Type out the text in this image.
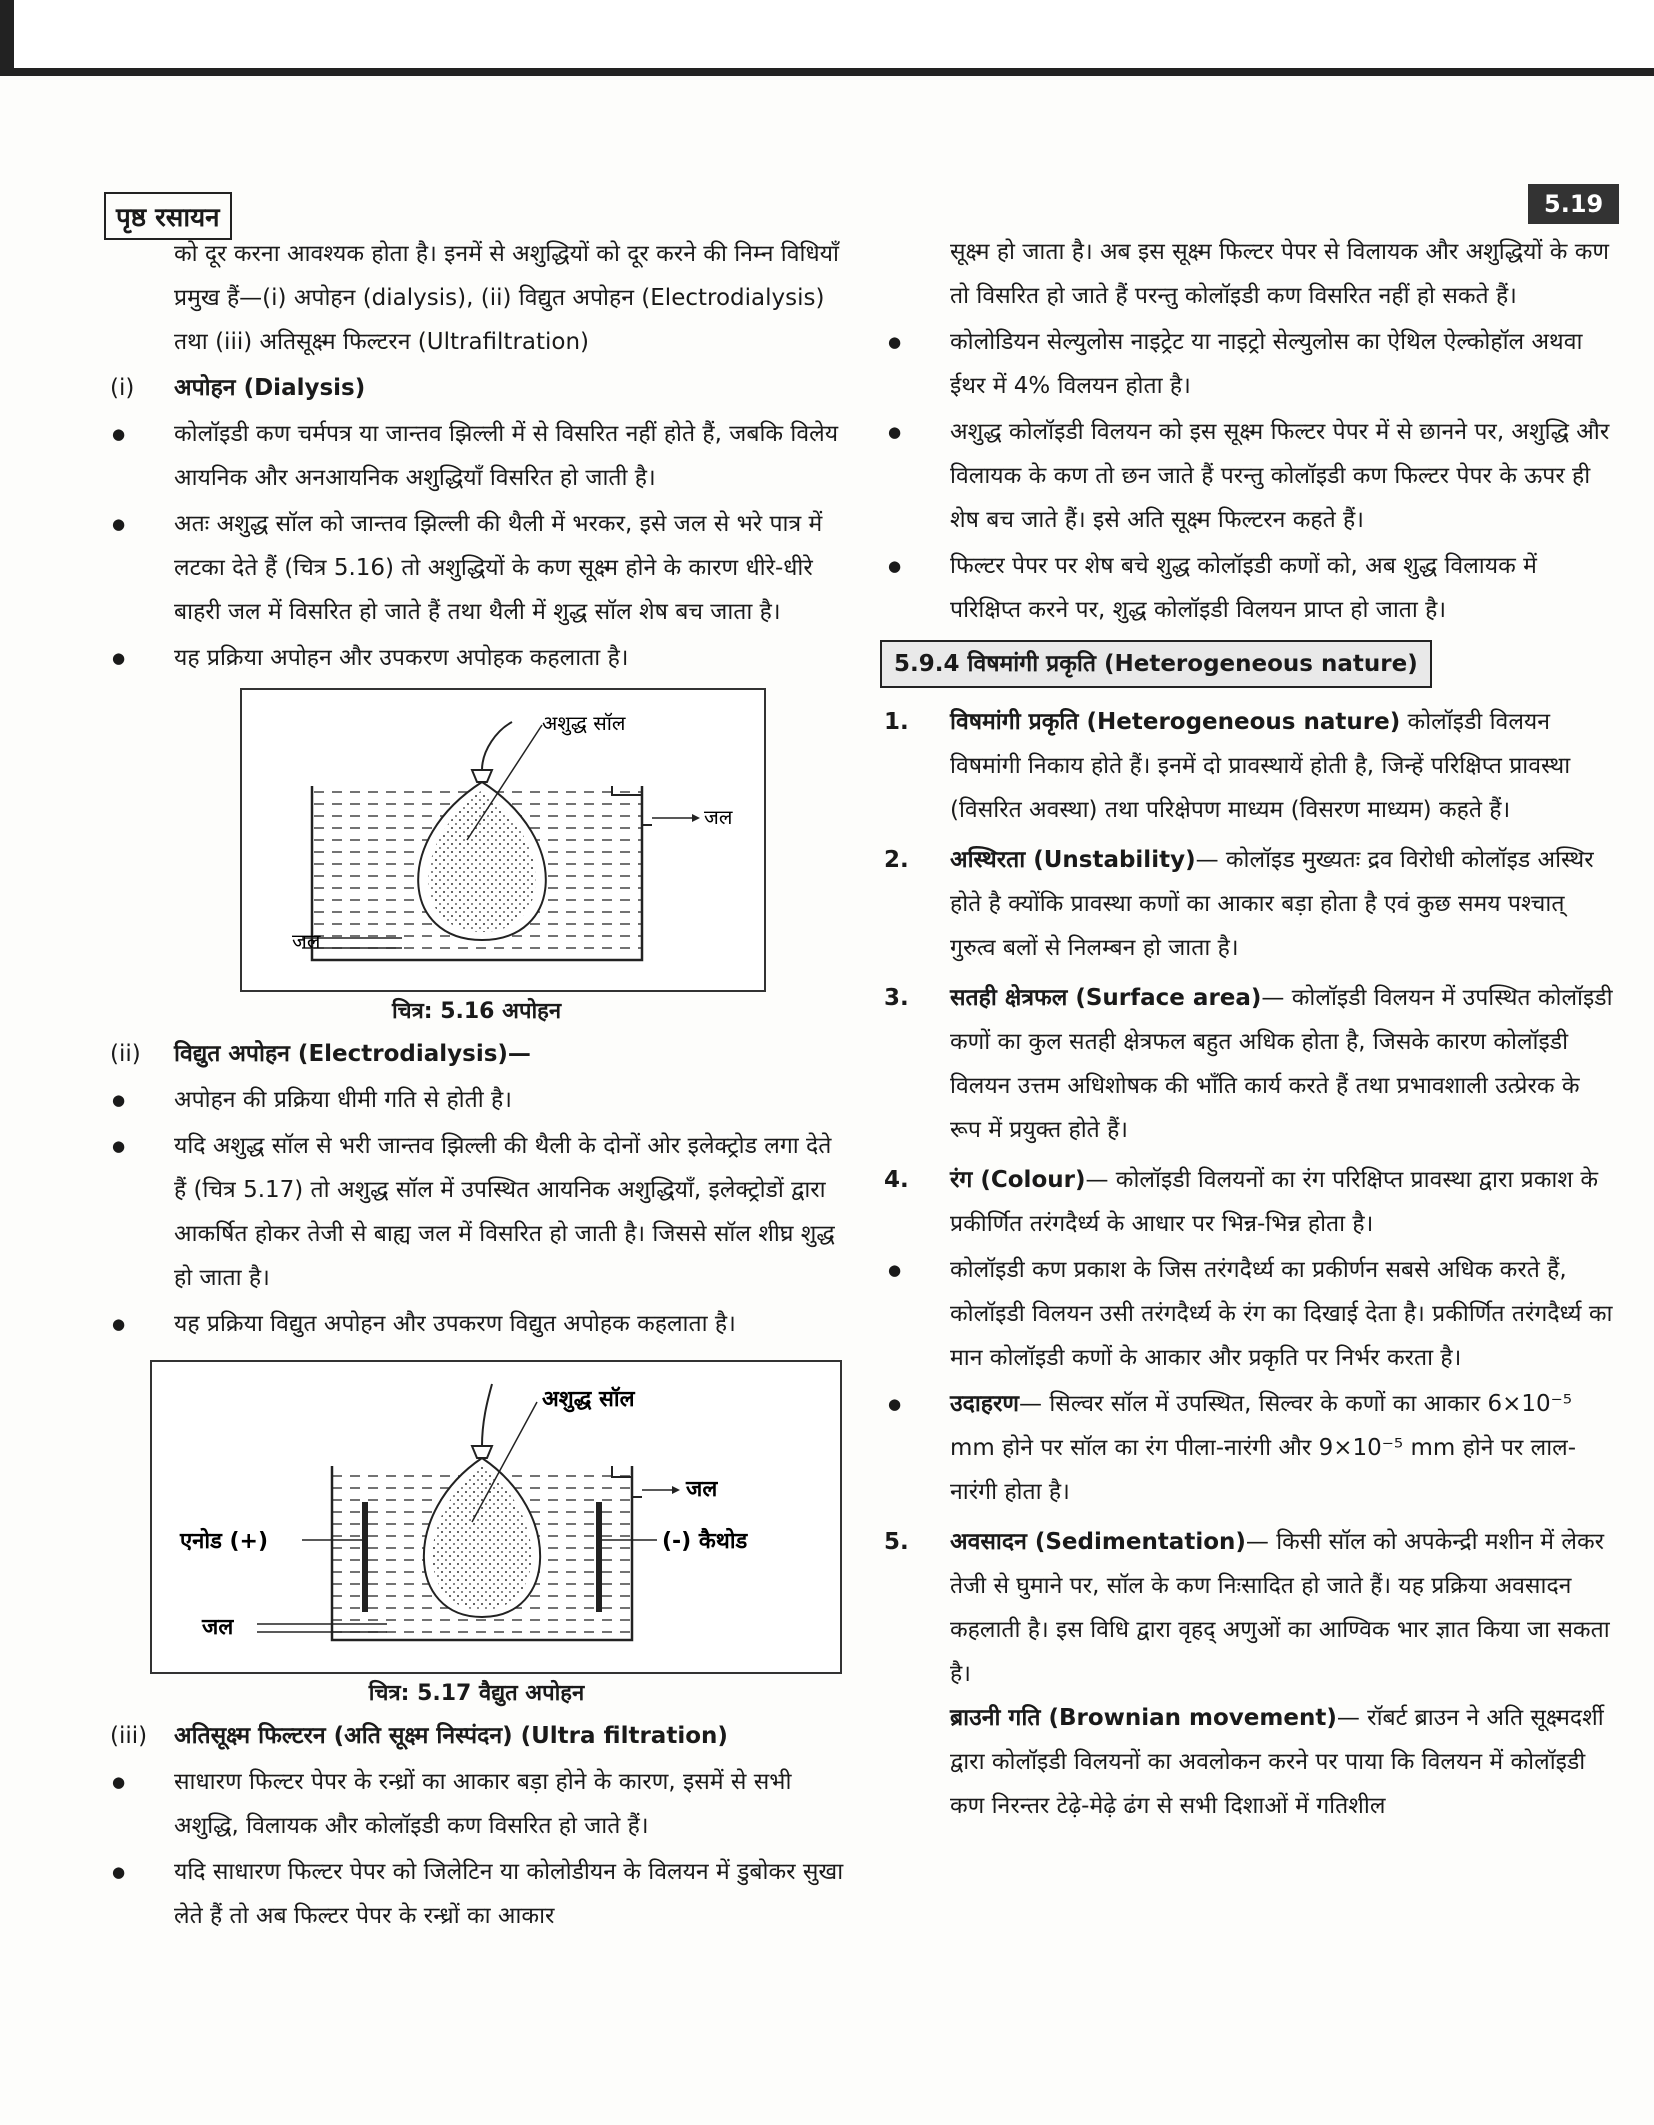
पृष्ठ रसायन	5.19

को दूर करना आवश्यक होता है। इनमें से अशुद्धियों को दूर करने की निम्न विधियाँ प्रमुख हैं—(i) अपोहन (dialysis), (ii) विद्युत अपोहन (Electrodialysis) तथा (iii) अतिसूक्ष्म फिल्टरन (Ultrafiltration)

(i) अपोहन (Dialysis)

● कोलॉइडी कण चर्मपत्र या जान्तव झिल्ली में से विसरित नहीं होते हैं, जबकि विलेय आयनिक और अनआयनिक अशुद्धियाँ विसरित हो जाती है।

● अतः अशुद्ध सॉल को जान्तव झिल्ली की थैली में भरकर, इसे जल से भरे पात्र में लटका देते हैं (चित्र 5.16) तो अशुद्धियों के कण सूक्ष्म होने के कारण धीरे-धीरे बाहरी जल में विसरित हो जाते हैं तथा थैली में शुद्ध सॉल शेष बच जाता है।

● यह प्रक्रिया अपोहन और उपकरण अपोहक कहलाता है।

अशुद्ध सॉल
जल
जल

चित्र: 5.16 अपोहन

(ii) विद्युत अपोहन (Electrodialysis)—

● अपोहन की प्रक्रिया धीमी गति से होती है।

● यदि अशुद्ध सॉल से भरी जान्तव झिल्ली की थैली के दोनों ओर इलेक्ट्रोड लगा देते हैं (चित्र 5.17) तो अशुद्ध सॉल में उपस्थित आयनिक अशुद्धियाँ, इलेक्ट्रोडों द्वारा आकर्षित होकर तेजी से बाह्य जल में विसरित हो जाती है। जिससे सॉल शीघ्र शुद्ध हो जाता है।

● यह प्रक्रिया विद्युत अपोहन और उपकरण विद्युत अपोहक कहलाता है।

अशुद्ध सॉल
जल
एनोड (+)	(-) कैथोड
जल

चित्र: 5.17 वैद्युत अपोहन

(iii) अतिसूक्ष्म फिल्टरन (अति सूक्ष्म निस्पंदन) (Ultra filtration)

● साधारण फिल्टर पेपर के रन्ध्रों का आकार बड़ा होने के कारण, इसमें से सभी अशुद्धि, विलायक और कोलॉइडी कण विसरित हो जाते हैं।

● यदि साधारण फिल्टर पेपर को जिलेटिन या कोलोडीयन के विलयन में डुबोकर सुखा लेते हैं तो अब फिल्टर पेपर के रन्ध्रों का आकार

सूक्ष्म हो जाता है। अब इस सूक्ष्म फिल्टर पेपर से विलायक और अशुद्धियों के कण तो विसरित हो जाते हैं परन्तु कोलॉइडी कण विसरित नहीं हो सकते हैं।

● कोलोडियन सेल्युलोस नाइट्रेट या नाइट्रो सेल्युलोस का ऐथिल ऐल्कोहॉल अथवा ईथर में 4% विलयन होता है।

● अशुद्ध कोलॉइडी विलयन को इस सूक्ष्म फिल्टर पेपर में से छानने पर, अशुद्धि और विलायक के कण तो छन जाते हैं परन्तु कोलॉइडी कण फिल्टर पेपर के ऊपर ही शेष बच जाते हैं। इसे अति सूक्ष्म फिल्टरन कहते हैं।

● फिल्टर पेपर पर शेष बचे शुद्ध कोलॉइडी कणों को, अब शुद्ध विलायक में परिक्षिप्त करने पर, शुद्ध कोलॉइडी विलयन प्राप्त हो जाता है।

5.9.4 विषमांगी प्रकृति (Heterogeneous nature)

1. विषमांगी प्रकृति (Heterogeneous nature) कोलॉइडी विलयन विषमांगी निकाय होते हैं। इनमें दो प्रावस्थायें होती है, जिन्हें परिक्षिप्त प्रावस्था (विसरित अवस्था) तथा परिक्षेपण माध्यम (विसरण माध्यम) कहते हैं।

2. अस्थिरता (Unstability)— कोलॉइड मुख्यतः द्रव विरोधी कोलॉइड अस्थिर होते है क्योंकि प्रावस्था कणों का आकार बड़ा होता है एवं कुछ समय पश्चात् गुरुत्व बलों से निलम्बन हो जाता है।

3. सतही क्षेत्रफल (Surface area)— कोलॉइडी विलयन में उपस्थित कोलॉइडी कणों का कुल सतही क्षेत्रफल बहुत अधिक होता है, जिसके कारण कोलॉइडी विलयन उत्तम अधिशोषक की भाँति कार्य करते हैं तथा प्रभावशाली उत्प्रेरक के रूप में प्रयुक्त होते हैं।

4. रंग (Colour)— कोलॉइडी विलयनों का रंग परिक्षिप्त प्रावस्था द्वारा प्रकाश के प्रकीर्णित तरंगदैर्ध्य के आधार पर भिन्न-भिन्न होता है।

● कोलॉइडी कण प्रकाश के जिस तरंगदैर्ध्य का प्रकीर्णन सबसे अधिक करते हैं, कोलॉइडी विलयन उसी तरंगदैर्ध्य के रंग का दिखाई देता है। प्रकीर्णित तरंगदैर्ध्य का मान कोलॉइडी कणों के आकार और प्रकृति पर निर्भर करता है।

● उदाहरण— सिल्वर सॉल में उपस्थित, सिल्वर के कणों का आकार 6×10⁻⁵ mm होने पर सॉल का रंग पीला-नारंगी और 9×10⁻⁵ mm होने पर लाल-नारंगी होता है।

5. अवसादन (Sedimentation)— किसी सॉल को अपकेन्द्री मशीन में लेकर तेजी से घुमाने पर, सॉल के कण निःसादित हो जाते हैं। यह प्रक्रिया अवसादन कहलाती है। इस विधि द्वारा वृहद् अणुओं का आण्विक भार ज्ञात किया जा सकता है।

ब्राउनी गति (Brownian movement)— रॉबर्ट ब्राउन ने अति सूक्ष्मदर्शी द्वारा कोलॉइडी विलयनों का अवलोकन करने पर पाया कि विलयन में कोलॉइडी कण निरन्तर टेढ़े-मेढ़े ढंग से सभी दिशाओं में गतिशील
